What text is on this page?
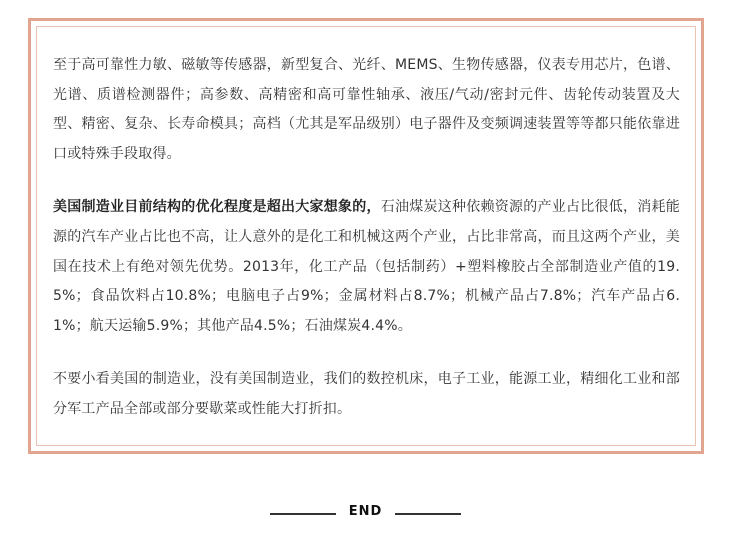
至于高可靠性力敏、磁敏等传感器，新型复合、光纤、MEMS、生物传感器，仪表专用芯片，色谱、光谱、质谱检测器件；高参数、高精密和高可靠性轴承、液压/气动/密封元件、齿轮传动装置及大型、精密、复杂、长寿命模具；高档（尤其是军品级别）电子器件及变频调速装置等等都只能依靠进口或特殊手段取得。

美国制造业目前结构的优化程度是超出大家想象的，石油煤炭这种依赖资源的产业占比很低，消耗能源的汽车产业占比也不高，让人意外的是化工和机械这两个产业，占比非常高，而且这两个产业，美国在技术上有绝对领先优势。2013年，化工产品（包括制药）+塑料橡胶占全部制造业产值的19.5%；食品饮料占10.8%；电脑电子占9%；金属材料占8.7%；机械产品占7.8%；汽车产品占6.1%；航天运输5.9%；其他产品4.5%；石油煤炭4.4%。

不要小看美国的制造业，没有美国制造业，我们的数控机床，电子工业，能源工业，精细化工业和部分军工产品全部或部分要歇菜或性能大打折扣。

END
